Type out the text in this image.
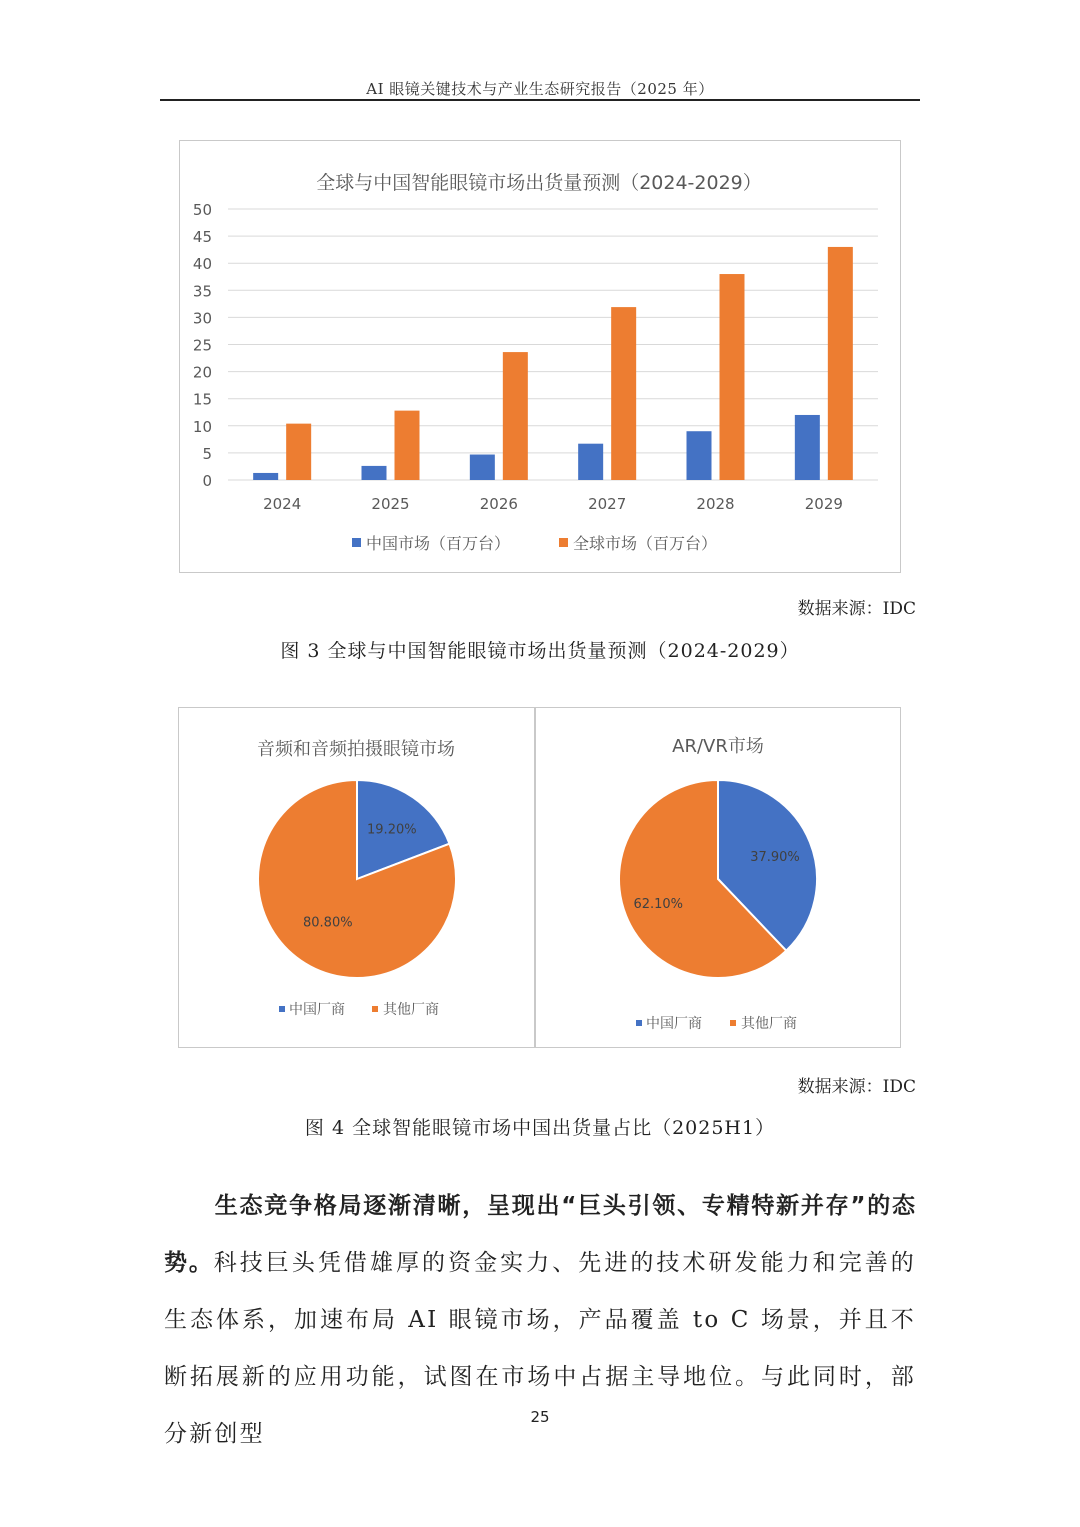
AI 眼镜关键技术与产业生态研究报告（2025 年）
全球与中国智能眼镜市场出货量预测（2024-2029）
0
5
10
15
20
25
30
35
40
45
50
2024	2025	2026	2027	2028	2029
中国市场（百万台）	全球市场（百万台）
数据来源：IDC
图 3 全球与中国智能眼镜市场出货量预测（2024-2029）
音频和音频拍摄眼镜市场
19.20%
80.80%
中国厂商	其他厂商
AR/VR市场
37.90%
62.10%
中国厂商	其他厂商
数据来源：IDC
图 4 全球智能眼镜市场中国出货量占比（2025H1）
生态竞争格局逐渐清晰，呈现出“巨头引领、专精特新并存”的态势。科技巨头凭借雄厚的资金实力、先进的技术研发能力和完善的生态体系，加速布局 AI 眼镜市场，产品覆盖 to C 场景，并且不断拓展新的应用功能，试图在市场中占据主导地位。与此同时，部分新创型
25
